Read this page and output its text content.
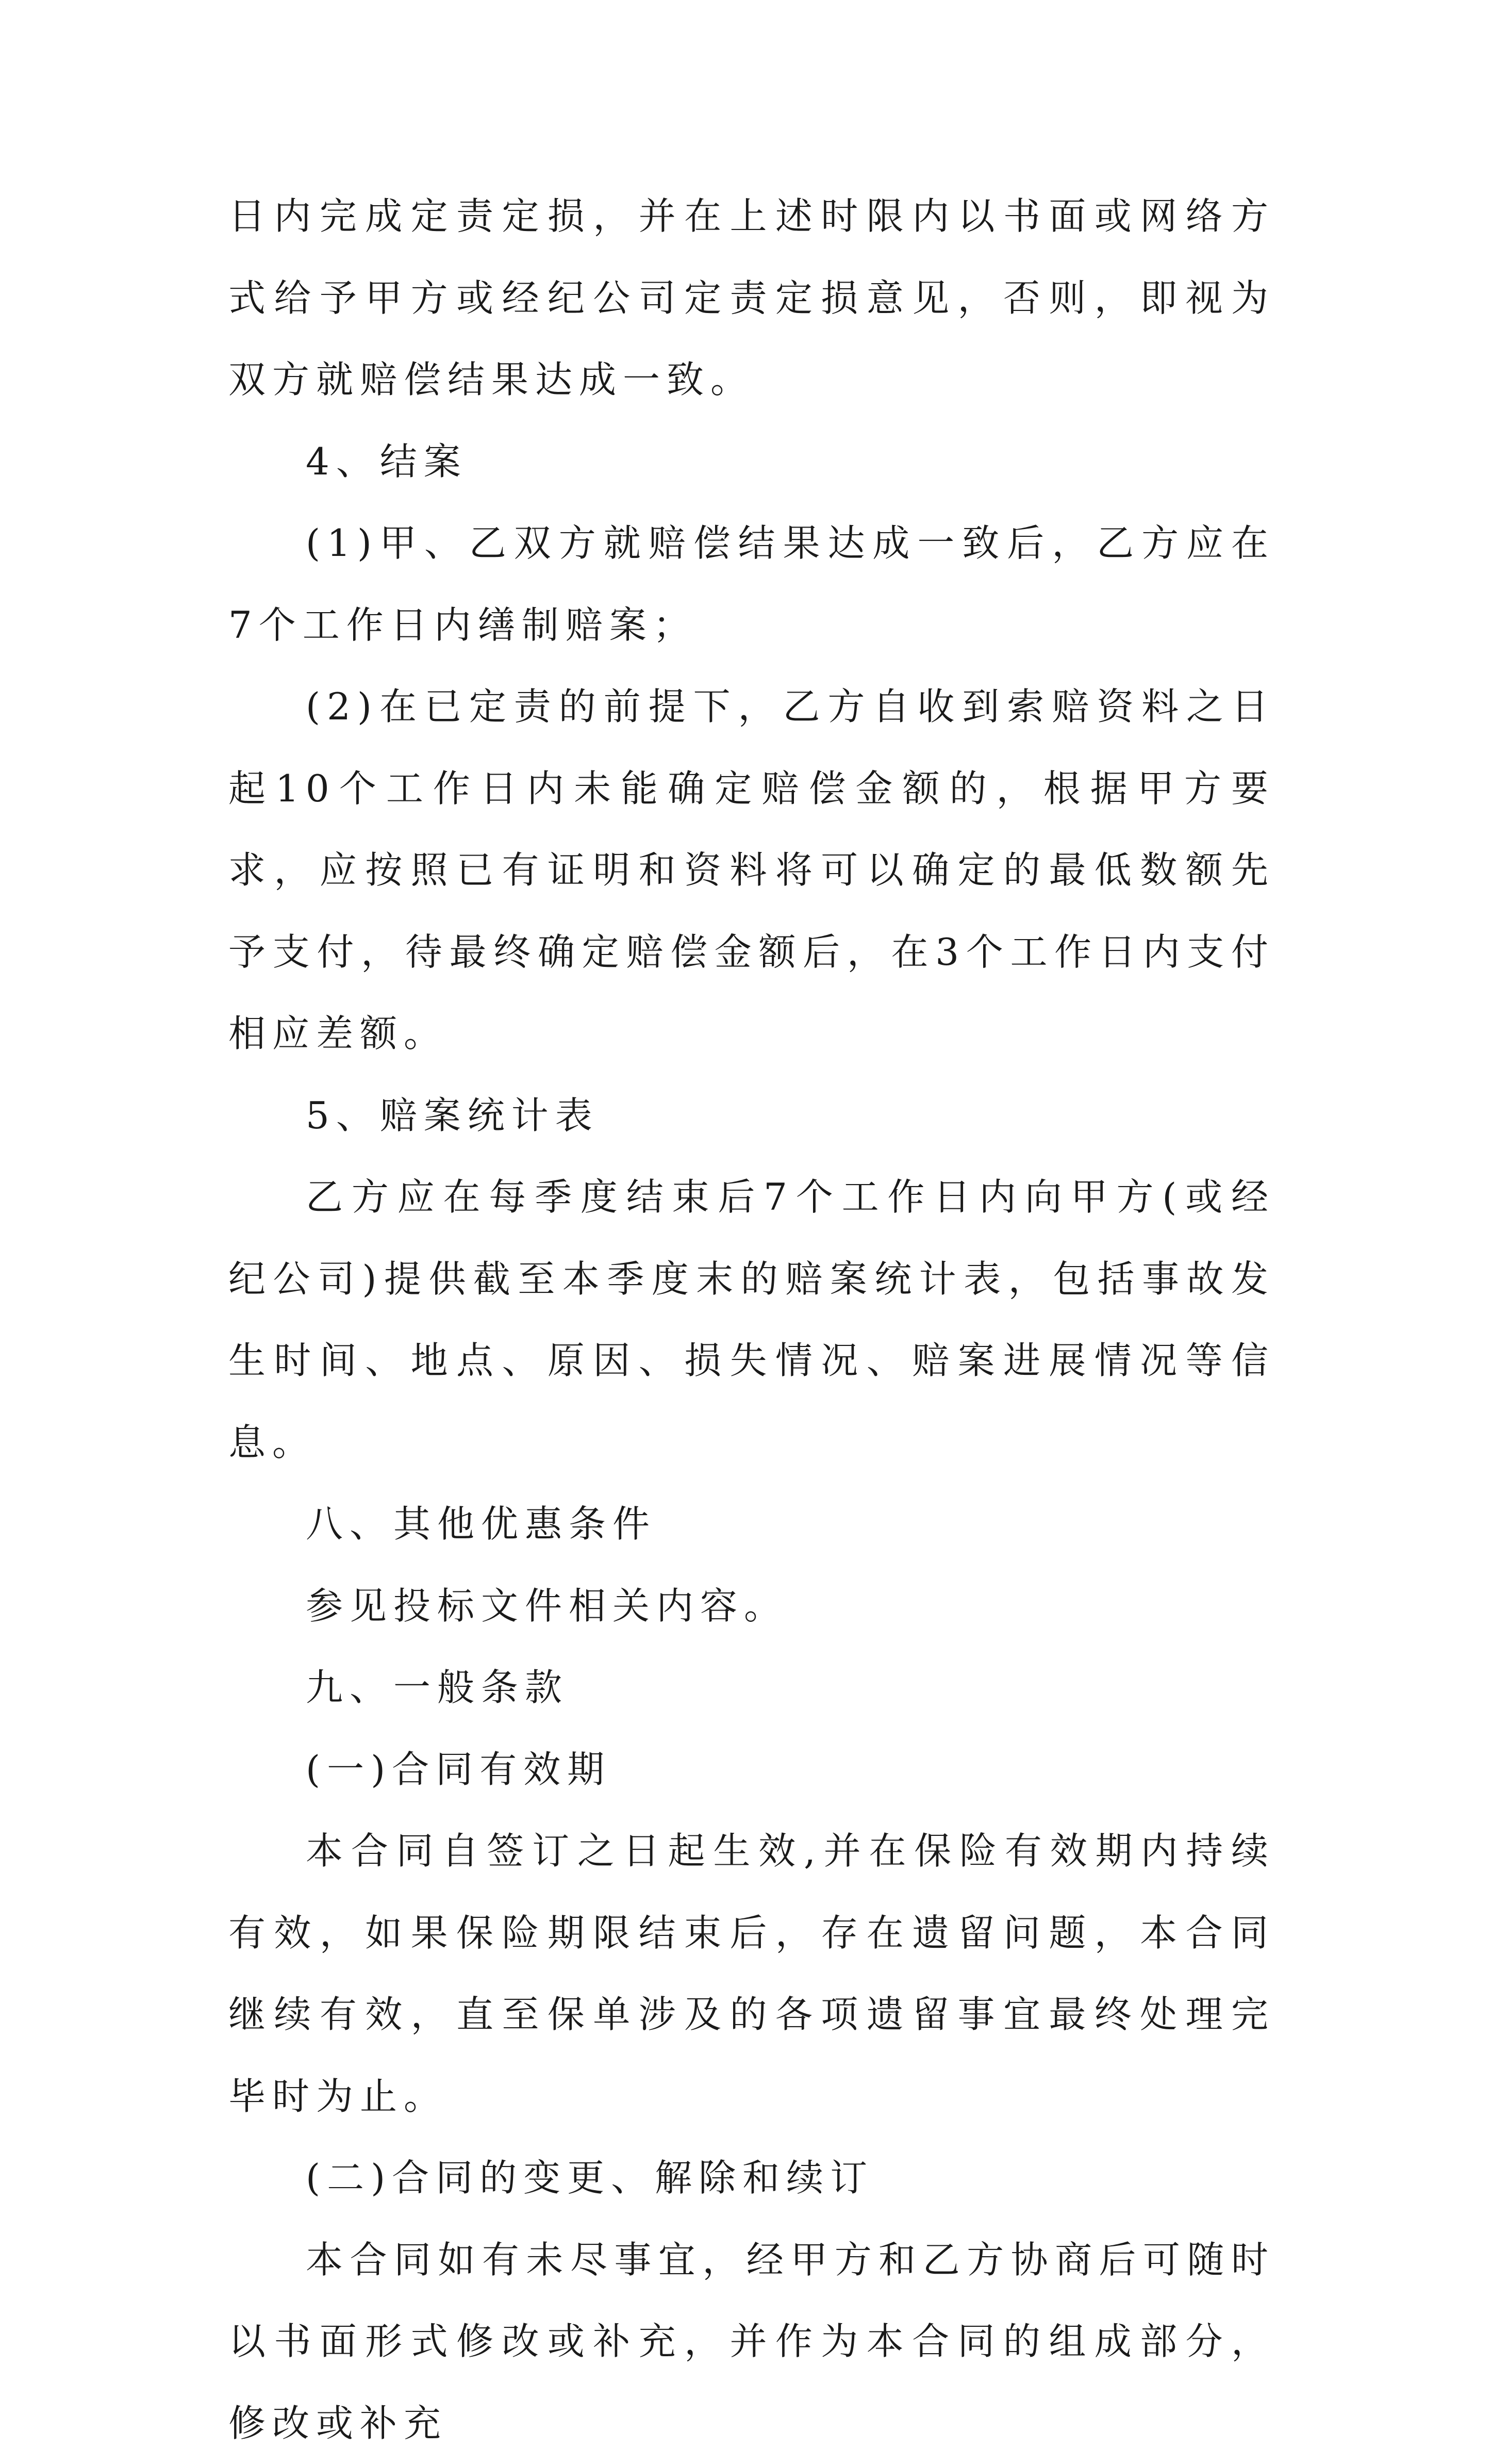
日内完成定责定损，并在上述时限内以书面或网络方式给予甲方或经纪公司定责定损意见，否则，即视为双方就赔偿结果达成一致。

4、结案

(1)甲、乙双方就赔偿结果达成一致后，乙方应在7个工作日内缮制赔案；

(2)在已定责的前提下，乙方自收到索赔资料之日起10个工作日内未能确定赔偿金额的，根据甲方要求，应按照已有证明和资料将可以确定的最低数额先予支付，待最终确定赔偿金额后，在3个工作日内支付相应差额。

5、赔案统计表

乙方应在每季度结束后7个工作日内向甲方(或经纪公司)提供截至本季度末的赔案统计表，包括事故发生时间、地点、原因、损失情况、赔案进展情况等信息。

八、其他优惠条件

参见投标文件相关内容。

九、一般条款

(一)合同有效期

本合同自签订之日起生效,并在保险有效期内持续有效，如果保险期限结束后，存在遗留问题，本合同继续有效，直至保单涉及的各项遗留事宜最终处理完毕时为止。

(二)合同的变更、解除和续订

本合同如有未尽事宜，经甲方和乙方协商后可随时以书面形式修改或补充，并作为本合同的组成部分，修改或补充
